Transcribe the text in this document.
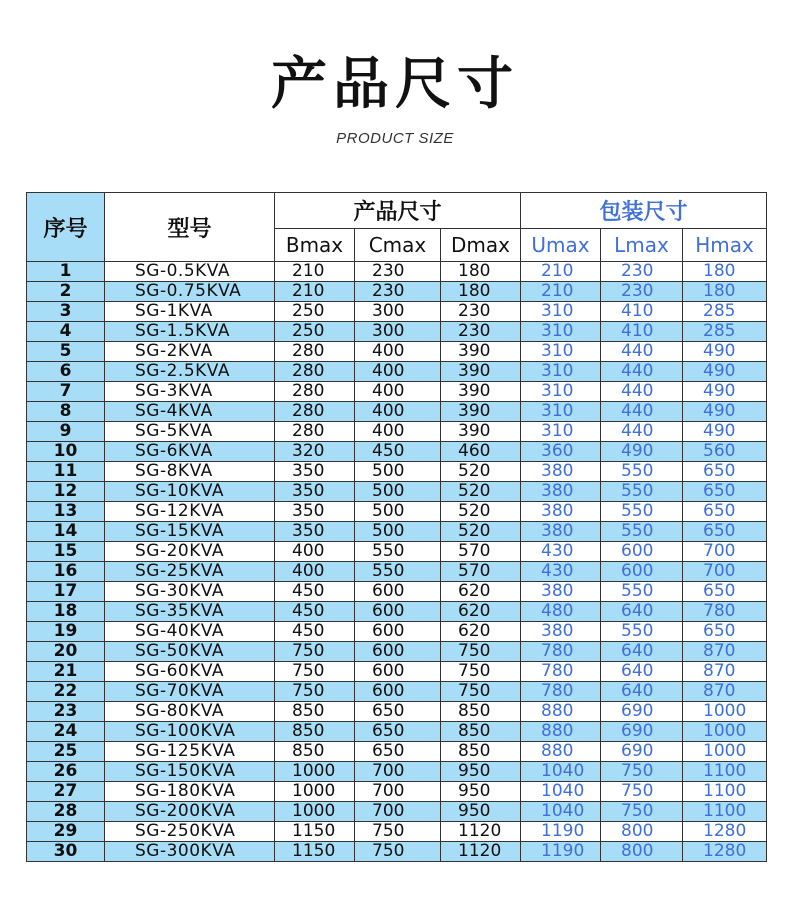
产品尺寸
PRODUCT SIZE
序号	型号	产品尺寸			包装尺寸		
		Bmax	Cmax	Dmax	Umax	Lmax	Hmax
1	SG-0.5KVA	210	230	180	210	230	180
2	SG-0.75KVA	210	230	180	210	230	180
3	SG-1KVA	250	300	230	310	410	285
4	SG-1.5KVA	250	300	230	310	410	285
5	SG-2KVA	280	400	390	310	440	490
6	SG-2.5KVA	280	400	390	310	440	490
7	SG-3KVA	280	400	390	310	440	490
8	SG-4KVA	280	400	390	310	440	490
9	SG-5KVA	280	400	390	310	440	490
10	SG-6KVA	320	450	460	360	490	560
11	SG-8KVA	350	500	520	380	550	650
12	SG-10KVA	350	500	520	380	550	650
13	SG-12KVA	350	500	520	380	550	650
14	SG-15KVA	350	500	520	380	550	650
15	SG-20KVA	400	550	570	430	600	700
16	SG-25KVA	400	550	570	430	600	700
17	SG-30KVA	450	600	620	380	550	650
18	SG-35KVA	450	600	620	480	640	780
19	SG-40KVA	450	600	620	380	550	650
20	SG-50KVA	750	600	750	780	640	870
21	SG-60KVA	750	600	750	780	640	870
22	SG-70KVA	750	600	750	780	640	870
23	SG-80KVA	850	650	850	880	690	1000
24	SG-100KVA	850	650	850	880	690	1000
25	SG-125KVA	850	650	850	880	690	1000
26	SG-150KVA	1000	700	950	1040	750	1100
27	SG-180KVA	1000	700	950	1040	750	1100
28	SG-200KVA	1000	700	950	1040	750	1100
29	SG-250KVA	1150	750	1120	1190	800	1280
30	SG-300KVA	1150	750	1120	1190	800	1280
